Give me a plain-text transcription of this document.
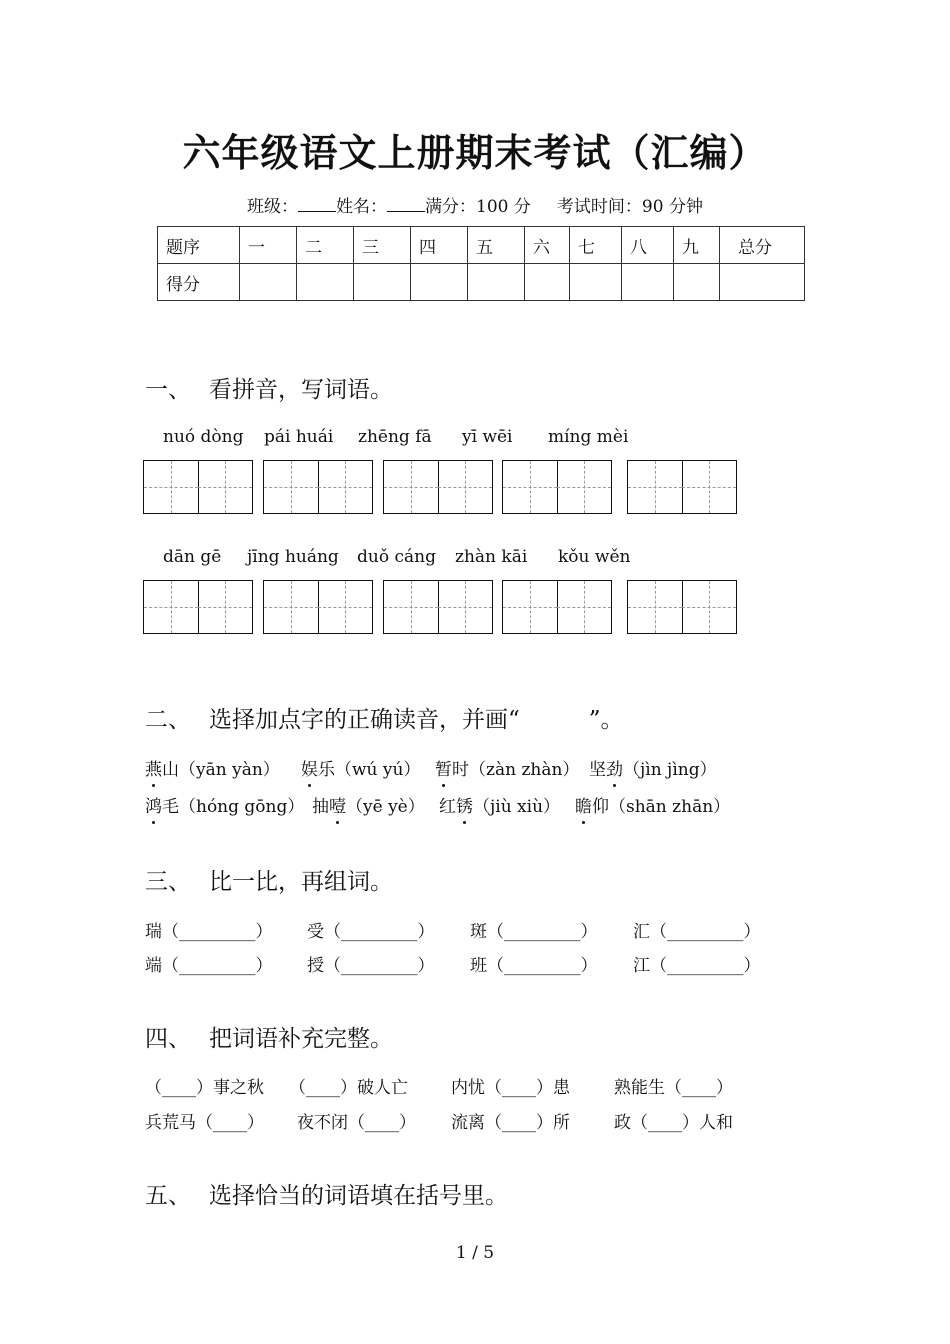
六年级语文上册期末考试（汇编）
班级： 姓名： 满分：100 分 考试时间：90 分钟
题序	一	二	三	四	五	六	七	八	九	总分
得分										
一、 看拼音，写词语。
nuó dòng pái huái zhēng fā yī wēi míng mèi
dān gē jīng huáng duǒ cáng zhàn kāi kǒu wěn
二、 选择加点字的正确读音，并画“　　　”。
燕山（yān yàn） 娱乐（wú yú） 暂时（zàn zhàn） 坚劲（jìn jìng）
鸿毛（hóng gōng） 抽噎（yē yè） 红锈（jiù xiù） 瞻仰（shān zhān）
三、 比一比，再组词。
瑞（_________） 受（_________） 斑（_________） 汇（_________）
端（_________） 授（_________） 班（_________） 江（_________）
四、 把词语补充完整。
（____）事之秋 （____）破人亡	内忧（____）患	熟能生（____）
兵荒马（____） 夜不闭（____） 流离（____）所	政（____）人和
五、 选择恰当的词语填在括号里。
1 / 5
